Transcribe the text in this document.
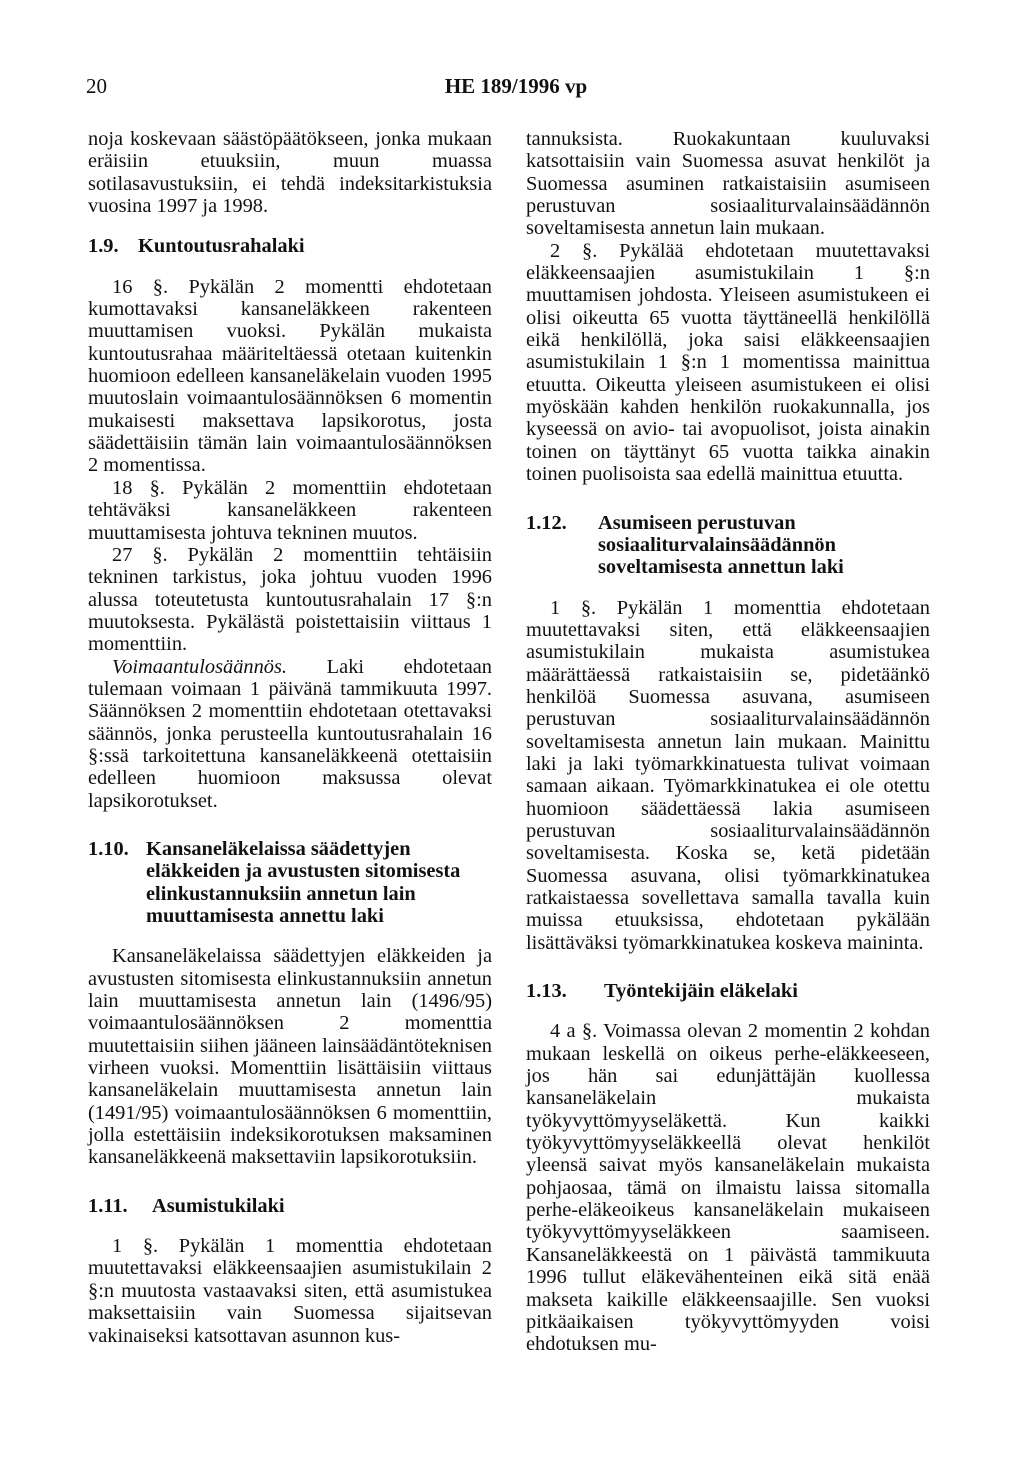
20	HE 189/1996 vp

noja koskevaan säästöpäätökseen, jonka mukaan eräisiin etuuksiin, muun muassa sotilasavustuksiin, ei tehdä indeksitarkistuksia vuosina 1997 ja 1998.

1.9. Kuntoutusrahalaki

16 §. Pykälän 2 momentti ehdotetaan kumottavaksi kansaneläkkeen rakenteen muuttamisen vuoksi. Pykälän mukaista kuntoutusrahaa määriteltäessä otetaan kuitenkin huomioon edelleen kansaneläkelain vuoden 1995 muutoslain voimaantulosäännöksen 6 momentin mukaisesti maksettava lapsikorotus, josta säädettäisiin tämän lain voimaantulosäännöksen 2 momentissa.

18 §. Pykälän 2 momenttiin ehdotetaan tehtäväksi kansaneläkkeen rakenteen muuttamisesta johtuva tekninen muutos.

27 §. Pykälän 2 momenttiin tehtäisiin tekninen tarkistus, joka johtuu vuoden 1996 alussa toteutetusta kuntoutusrahalain 17 §:n muutoksesta. Pykälästä poistettaisiin viittaus 1 momenttiin.

Voimaantulosäännös. Laki ehdotetaan tulemaan voimaan 1 päivänä tammikuuta 1997. Säännöksen 2 momenttiin ehdotetaan otettavaksi säännös, jonka perusteella kuntoutusrahalain 16 §:ssä tarkoitettuna kansaneläkkeenä otettaisiin edelleen huomioon maksussa olevat lapsikorotukset.

1.10. Kansaneläkelaissa säädettyjen eläkkeiden ja avustusten sitomisesta elinkustannuksiin annetun lain muuttamisesta annettu laki

Kansaneläkelaissa säädettyjen eläkkeiden ja avustusten sitomisesta elinkustannuksiin annetun lain muuttamisesta annetun lain (1496/95) voimaantulosäännöksen 2 momenttia muutettaisiin siihen jääneen lainsäädäntöteknisen virheen vuoksi. Momenttiin lisättäisiin viittaus kansaneläkelain muuttamisesta annetun lain (1491/95) voimaantulosäännöksen 6 momenttiin, jolla estettäisiin indeksikorotuksen maksaminen kansaneläkkeenä maksettaviin lapsikorotuksiin.

1.11.	Asumistukilaki

1 §. Pykälän 1 momenttia ehdotetaan muutettavaksi eläkkeensaajien asumistukilain 2 §:n muutosta vastaavaksi siten, että asumistukea maksettaisiin vain Suomessa sijaitsevan vakinaiseksi katsottavan asunnon kus-

tannuksista. Ruokakuntaan kuuluvaksi katsottaisiin vain Suomessa asuvat henkilöt ja Suomessa asuminen ratkaistaisiin asumiseen perustuvan sosiaaliturvalainsäädännön soveltamisesta annetun lain mukaan.

2 §. Pykälää ehdotetaan muutettavaksi eläkkeensaajien asumistukilain 1 §:n muuttamisen johdosta. Yleiseen asumistukeen ei olisi oikeutta 65 vuotta täyttäneellä henkilöllä eikä henkilöllä, joka saisi eläkkeensaajien asumistukilain 1 §:n 1 momentissa mainittua etuutta. Oikeutta yleiseen asumistukeen ei olisi myöskään kahden henkilön ruokakunnalla, jos kyseessä on avio- tai avopuolisot, joista ainakin toinen on täyttänyt 65 vuotta taikka ainakin toinen puolisoista saa edellä mainittua etuutta.

1.12.	Asumiseen perustuvan sosiaaliturvalainsäädännön soveltamisesta annettun laki

1 §. Pykälän 1 momenttia ehdotetaan muutettavaksi siten, että eläkkeensaajien asumistukilain mukaista asumistukea määrättäessä ratkaistaisiin se, pidetäänkö henkilöä Suomessa asuvana, asumiseen perustuvan sosiaaliturvalainsäädännön soveltamisesta annetun lain mukaan. Mainittu laki ja laki työmarkkinatuesta tulivat voimaan samaan aikaan. Työmarkkinatukea ei ole otettu huomioon säädettäessä lakia asumiseen perustuvan sosiaaliturvalainsäädännön soveltamisesta. Koska se, ketä pidetään Suomessa asuvana, olisi työmarkkinatukea ratkaistaessa sovellettava samalla tavalla kuin muissa etuuksissa, ehdotetaan pykälään lisättäväksi työmarkkinatukea koskeva maininta.

1.13.	Työntekijäin eläkelaki

4 a §. Voimassa olevan 2 momentin 2 kohdan mukaan leskellä on oikeus perhe-eläkkeeseen, jos hän sai edunjättäjän kuollessa kansaneläkelain mukaista työkyvyttömyyseläkettä. Kun kaikki työkyvyttömyyseläkkeellä olevat henkilöt yleensä saivat myös kansaneläkelain mukaista pohjaosaa, tämä on ilmaistu laissa sitomalla perhe-eläkeoikeus kansaneläkelain mukaiseen työkyvyttömyyseläkkeen saamiseen. Kansaneläkkeestä on 1 päivästä tammikuuta 1996 tullut eläkevähenteinen eikä sitä enää makseta kaikille eläkkeensaajille. Sen vuoksi pitkäaikaisen työkyvyttömyyden voisi ehdotuksen mu-
